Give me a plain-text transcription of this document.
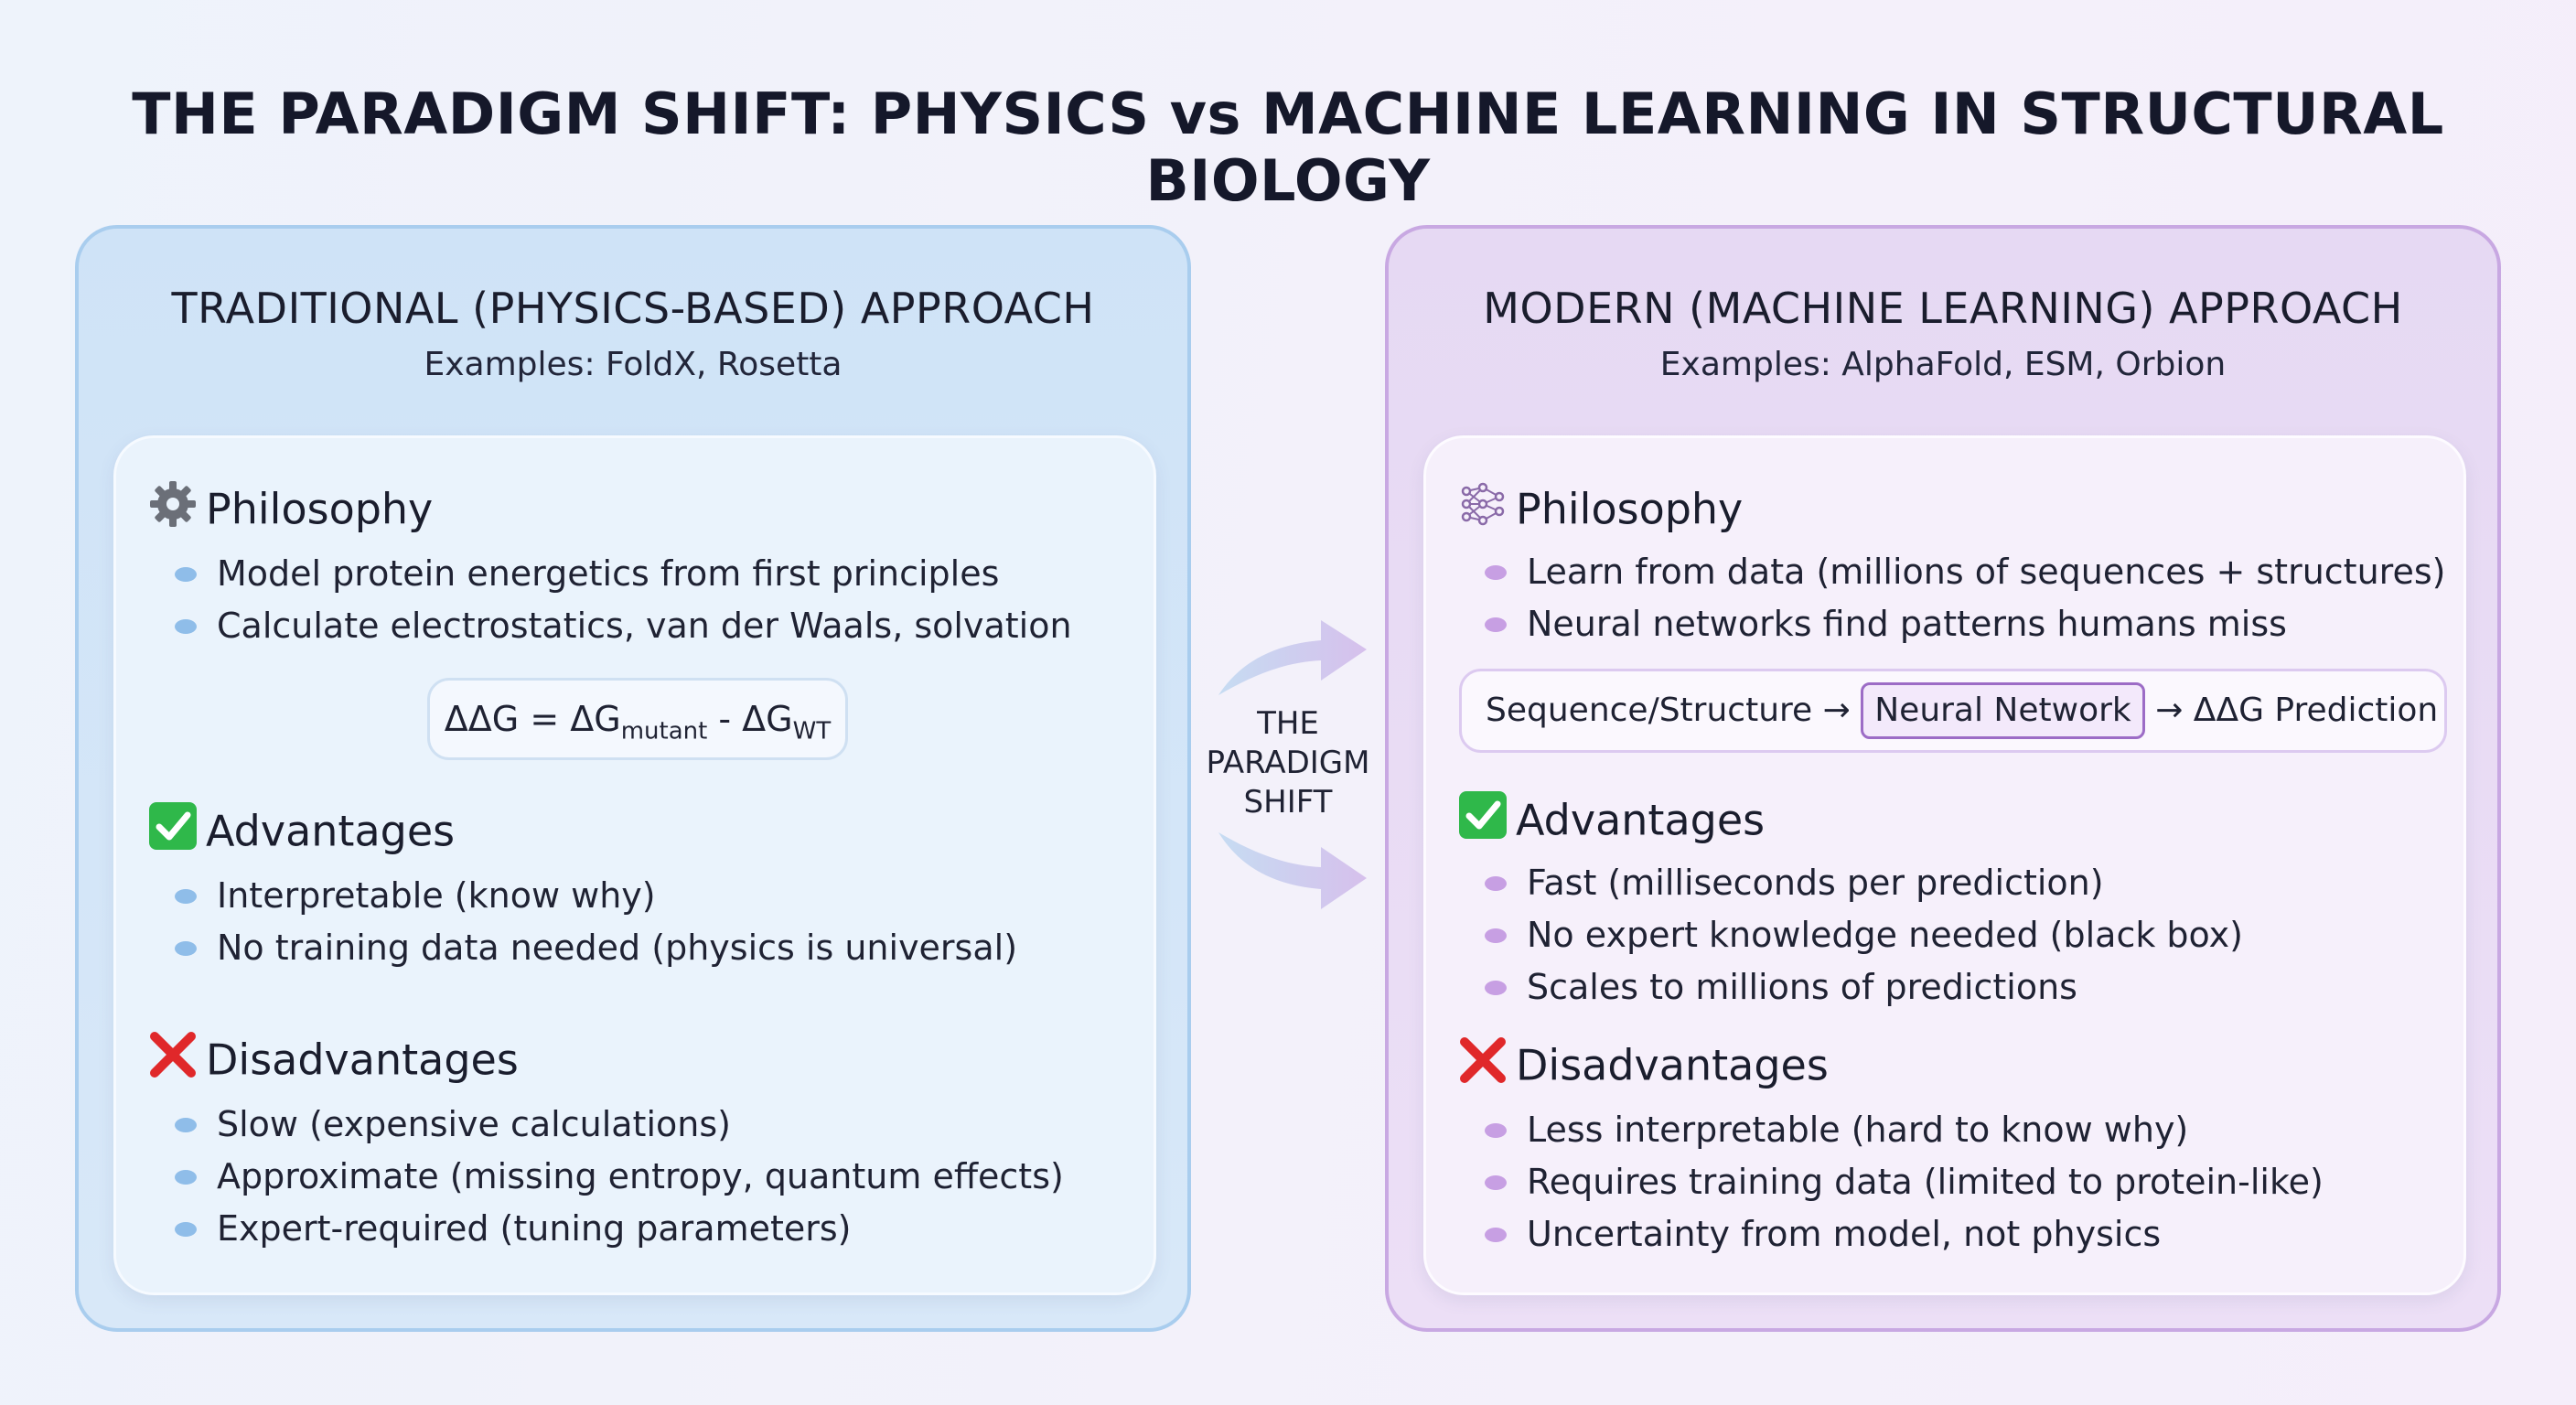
THE PARADIGM SHIFT: PHYSICS vs MACHINE LEARNING IN STRUCTURAL BIOLOGY
TRADITIONAL (PHYSICS-BASED) APPROACH
Examples: FoldX, Rosetta
Philosophy
Model protein energetics from first principles
Calculate electrostatics, van der Waals, solvation
$\Delta\Delta G = \Delta G_{mutant} - \Delta G_{WT}$
Advantages
Interpretable (know why)
No training data needed (physics is universal)
Disadvantages
Slow (expensive calculations)
Approximate (missing entropy, quantum effects)
Expert-required (tuning parameters)
THE
PARADIGM
SHIFT
MODERN (MACHINE LEARNING) APPROACH
Examples: AlphaFold, ESM, Orbion
Philosophy
Learn from data (millions of sequences + structures)
Neural networks find patterns humans miss
Sequence/Structure → Neural Network → ΔΔG Prediction
Advantages
Fast (milliseconds per prediction)
No expert knowledge needed (black box)
Scales to millions of predictions
Disadvantages
Less interpretable (hard to know why)
Requires training data (limited to protein-like)
Uncertainty from model, not physics
